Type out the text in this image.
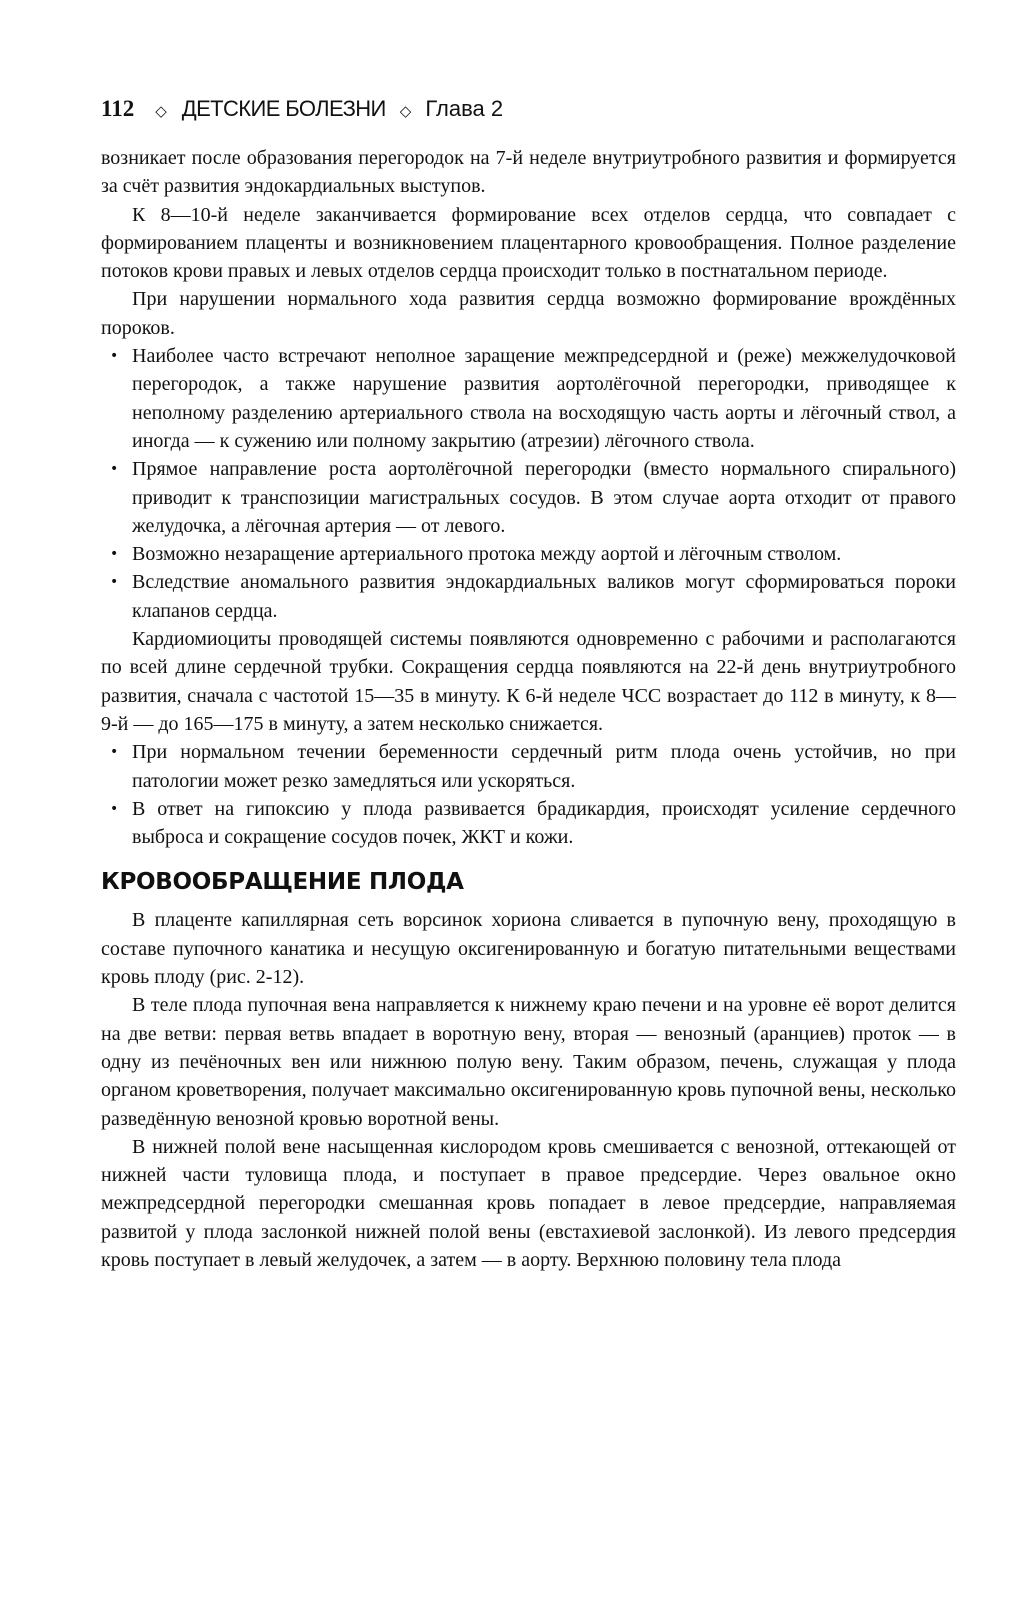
112 ◇ ДЕТСКИЕ БОЛЕЗНИ ◇ Глава 2

возникает после образования перегородок на 7-й неделе внутриутробного развития и формируется за счёт развития эндокардиальных выступов.

К 8—10-й неделе заканчивается формирование всех отделов сердца, что совпадает с формированием плаценты и возникновением плацентарного кровообращения. Полное разделение потоков крови правых и левых отделов сердца происходит только в постнатальном периоде.

При нарушении нормального хода развития сердца возможно формирование врождённых пороков.

• Наиболее часто встречают неполное заращение межпредсердной и (реже) межжелудочковой перегородок, а также нарушение развития аортолёгочной перегородки, приводящее к неполному разделению артериального ствола на восходящую часть аорты и лёгочный ствол, а иногда — к сужению или полному закрытию (атрезии) лёгочного ствола.
• Прямое направление роста аортолёгочной перегородки (вместо нормального спирального) приводит к транспозиции магистральных сосудов. В этом случае аорта отходит от правого желудочка, а лёгочная артерия — от левого.
• Возможно незаращение артериального протока между аортой и лёгочным стволом.
• Вследствие аномального развития эндокардиальных валиков могут сформироваться пороки клапанов сердца.

Кардиомиоциты проводящей системы появляются одновременно с рабочими и располагаются по всей длине сердечной трубки. Сокращения сердца появляются на 22-й день внутриутробного развития, сначала с частотой 15—35 в минуту. К 6-й неделе ЧСС возрастает до 112 в минуту, к 8—9-й — до 165—175 в минуту, а затем несколько снижается.

• При нормальном течении беременности сердечный ритм плода очень устойчив, но при патологии может резко замедляться или ускоряться.
• В ответ на гипоксию у плода развивается брадикардия, происходят усиление сердечного выброса и сокращение сосудов почек, ЖКТ и кожи.
КРОВООБРАЩЕНИЕ ПЛОДА

В плаценте капиллярная сеть ворсинок хориона сливается в пупочную вену, проходящую в составе пупочного канатика и несущую оксигенированную и богатую питательными веществами кровь плоду (рис. 2-12).

В теле плода пупочная вена направляется к нижнему краю печени и на уровне её ворот делится на две ветви: первая ветвь впадает в воротную вену, вторая — венозный (аранциев) проток — в одну из печёночных вен или нижнюю полую вену. Таким образом, печень, служащая у плода органом кроветворения, получает максимально оксигенированную кровь пупочной вены, несколько разведённую венозной кровью воротной вены.

В нижней полой вене насыщенная кислородом кровь смешивается с венозной, оттекающей от нижней части туловища плода, и поступает в правое предсердие. Через овальное окно межпредсердной перегородки смешанная кровь попадает в левое предсердие, направляемая развитой у плода заслонкой нижней полой вены (евстахиевой заслонкой). Из левого предсердия кровь поступает в левый желудочек, а затем — в аорту. Верхнюю половину тела плода
